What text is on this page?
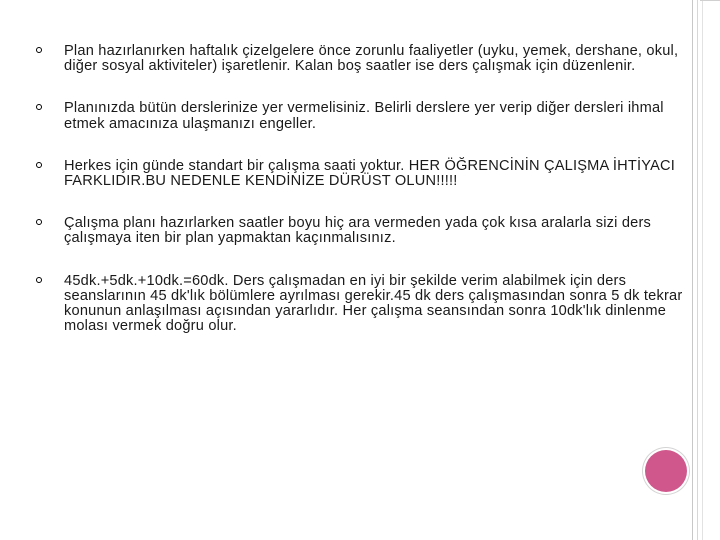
Plan hazırlanırken haftalık çizelgelere önce zorunlu faaliyetler (uyku, yemek, dershane, okul, diğer sosyal aktiviteler) işaretlenir. Kalan boş saatler ise ders çalışmak için düzenlenir.
Planınızda bütün derslerinize yer vermelisiniz. Belirli derslere yer verip diğer dersleri ihmal etmek amacınıza ulaşmanızı engeller.
Herkes için günde standart bir çalışma saati yoktur. HER ÖĞRENCİNİN ÇALIŞMA İHTİYACI FARKLIDIR.BU NEDENLE KENDİNİZE DÜRÜST OLUN!!!!!
Çalışma planı hazırlarken saatler boyu hiç ara vermeden yada çok kısa aralarla sizi ders çalışmaya iten bir plan yapmaktan kaçınmalısınız.
45dk.+5dk.+10dk.=60dk. Ders çalışmadan en iyi bir şekilde verim alabilmek için ders seanslarının 45 dk'lık bölümlere ayrılması gerekir.45 dk ders çalışmasından sonra 5 dk tekrar konunun anlaşılması açısından yararlıdır. Her çalışma seansından sonra 10dk'lık dinlenme molası vermek doğru olur.
